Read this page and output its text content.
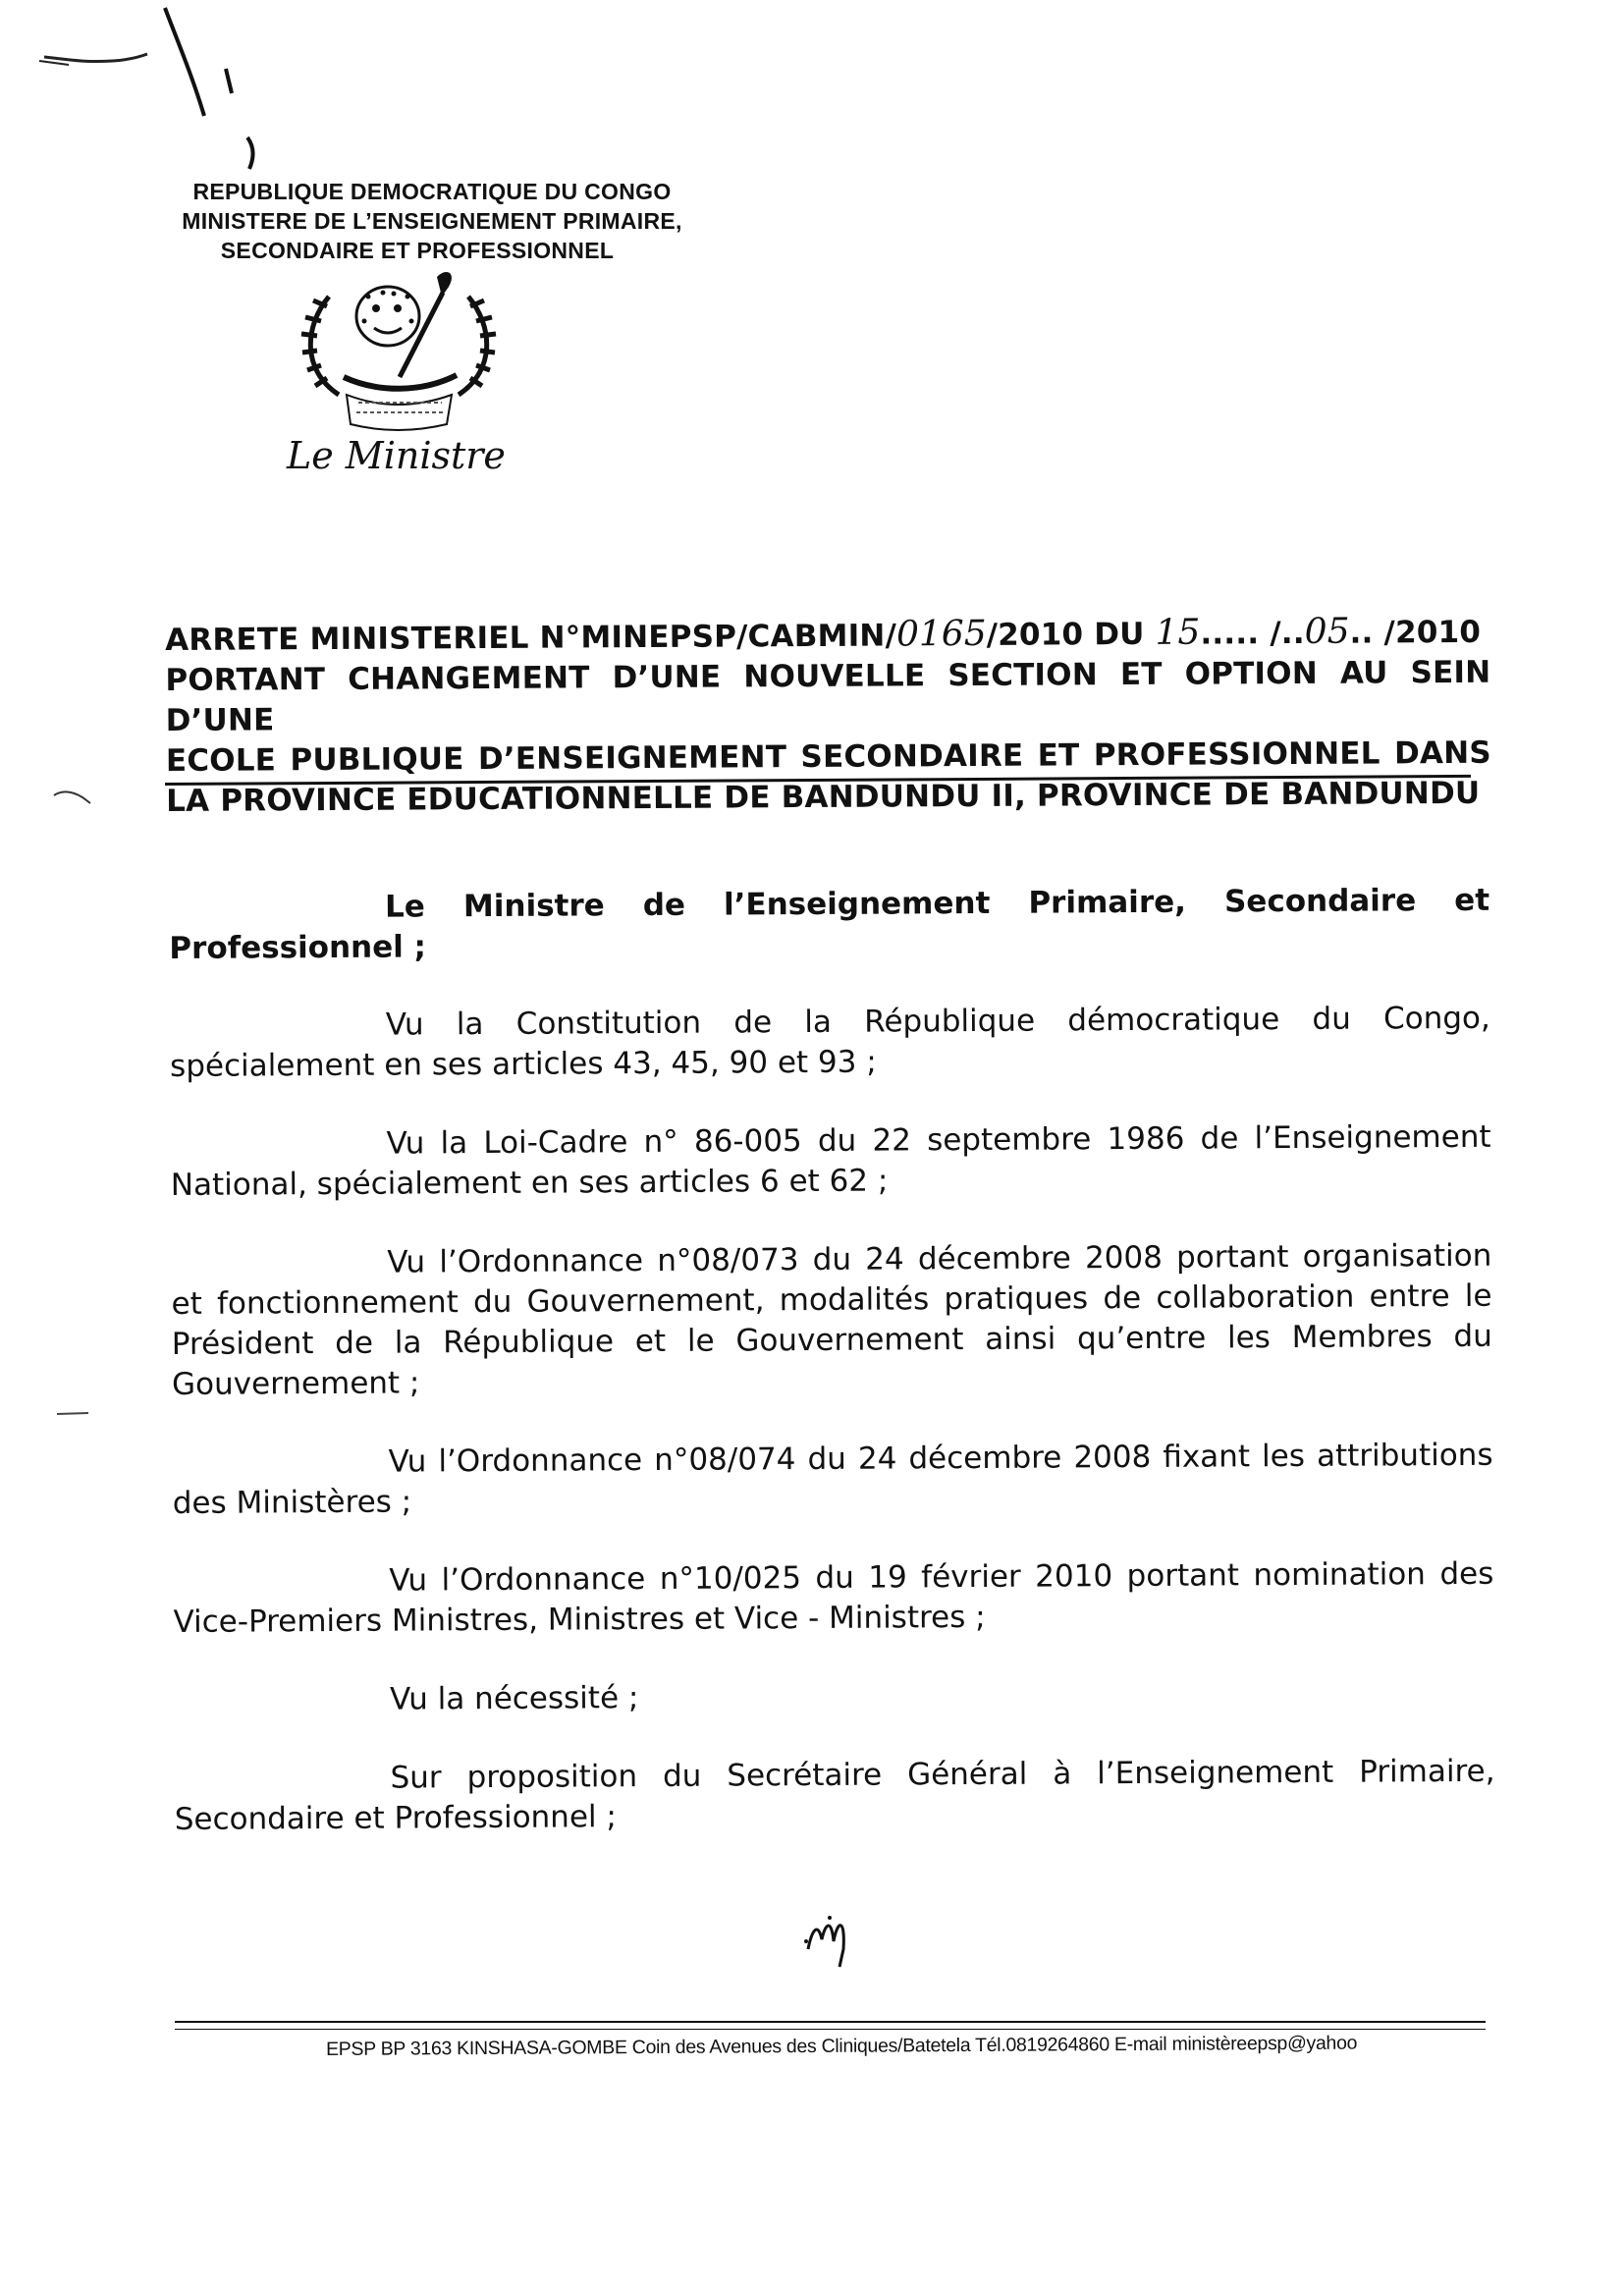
REPUBLIQUE DEMOCRATIQUE DU CONGO
MINISTERE DE L’ENSEIGNEMENT PRIMAIRE,
SECONDAIRE ET PROFESSIONNEL
Le Ministre
ARRETE MINISTERIEL N°MINEPSP/CABMIN/0165/2010 DU 15..... /..05.. /2010
PORTANT CHANGEMENT D’UNE NOUVELLE SECTION ET OPTION AU SEIN D’UNE
ECOLE PUBLIQUE D’ENSEIGNEMENT SECONDAIRE ET PROFESSIONNEL DANS
LA PROVINCE EDUCATIONNELLE DE BANDUNDU II, PROVINCE DE BANDUNDU

Le Ministre de l’Enseignement Primaire, Secondaire et Professionnel ;

Vu la Constitution de la République démocratique du Congo, spécialement en ses articles 43, 45, 90 et 93 ;

Vu la Loi-Cadre n° 86-005 du 22 septembre 1986 de l’Enseignement National, spécialement en ses articles 6 et 62 ;

Vu l’Ordonnance n°08/073 du 24 décembre 2008 portant organisation et fonctionnement du Gouvernement, modalités pratiques de collaboration entre le Président de la République et le Gouvernement ainsi qu’entre les Membres du Gouvernement ;

Vu l’Ordonnance n°08/074 du 24 décembre 2008 fixant les attributions des Ministères ;

Vu l’Ordonnance n°10/025 du 19 février 2010 portant nomination des Vice-Premiers Ministres, Ministres et Vice - Ministres ;

Vu la nécessité ;

Sur proposition du Secrétaire Général à l’Enseignement Primaire, Secondaire et Professionnel ;

EPSP BP 3163 KINSHASA-GOMBE Coin des Avenues des Cliniques/Batetela Tél.0819264860 E-mail ministèreepsp@yahoo
